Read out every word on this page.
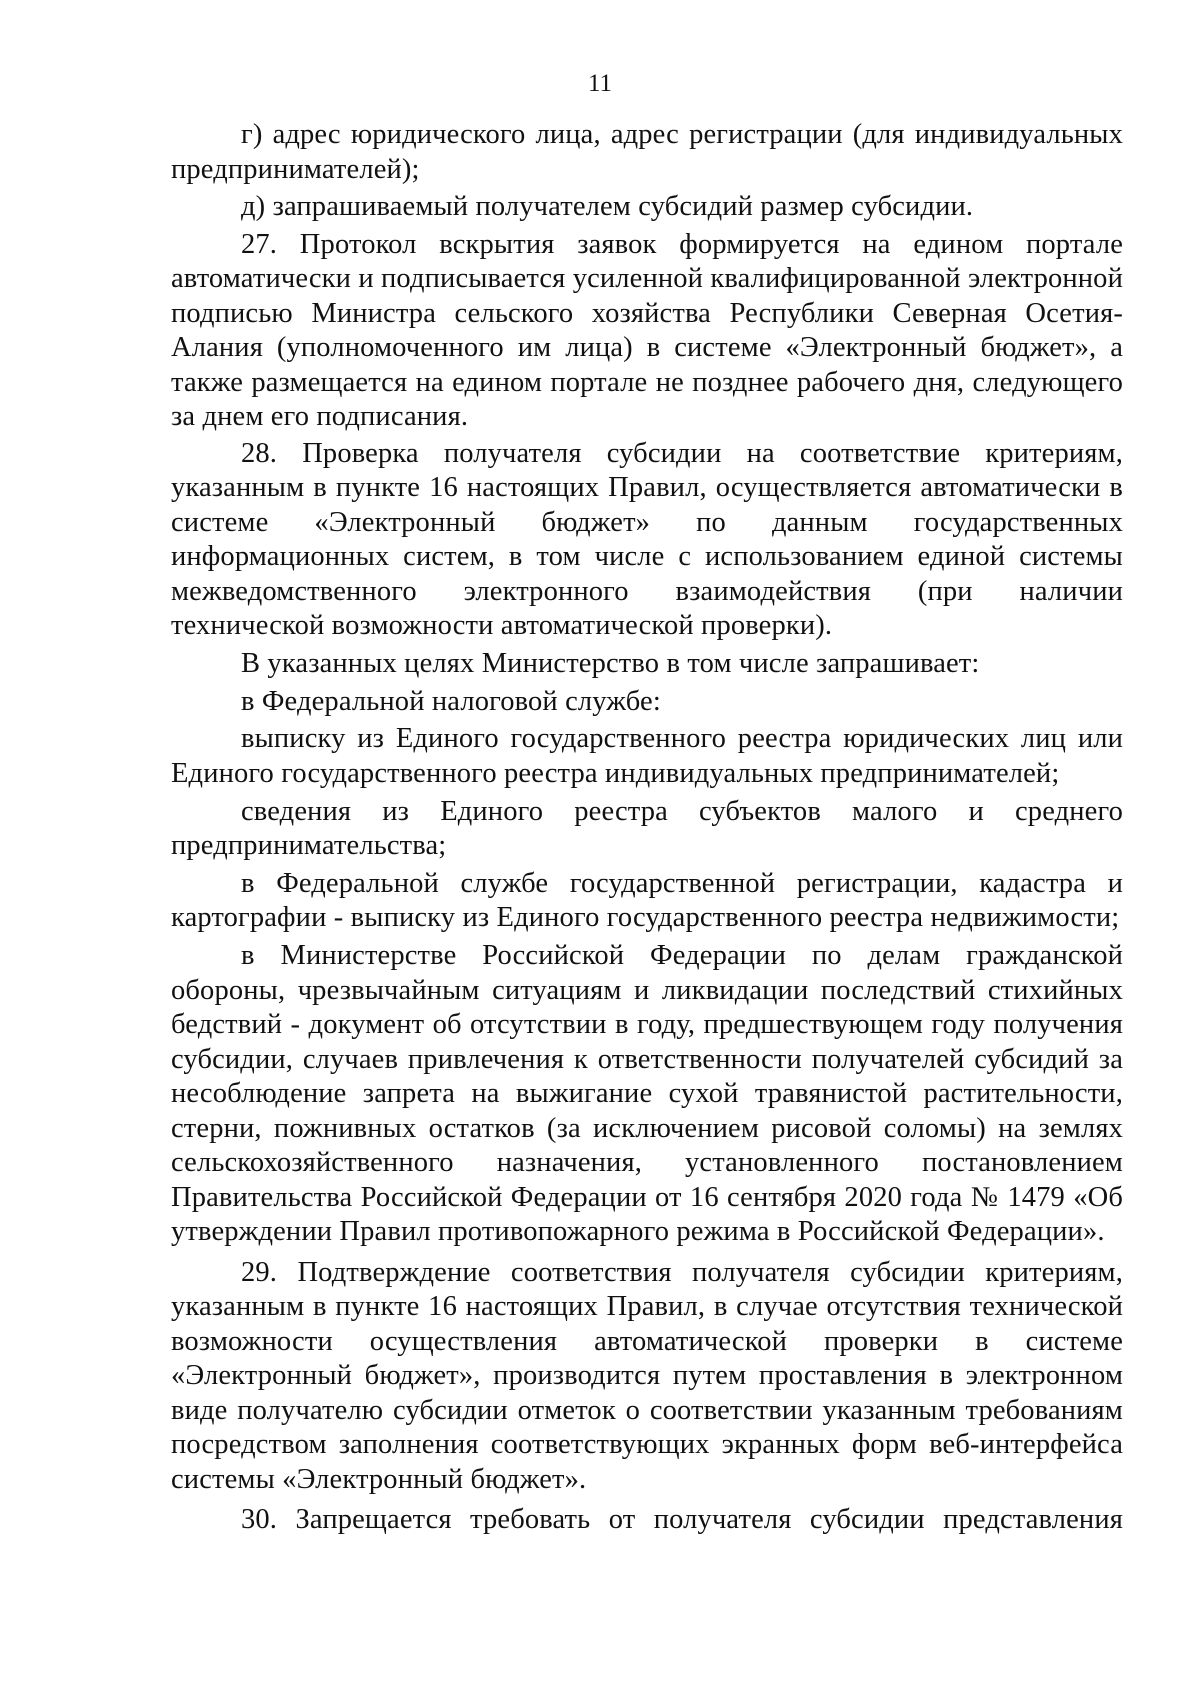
11

г) адрес юридического лица, адрес регистрации (для индивидуальных предпринимателей);

д) запрашиваемый получателем субсидий размер субсидии.

27. Протокол вскрытия заявок формируется на едином портале автоматически и подписывается усиленной квалифицированной электронной подписью Министра сельского хозяйства Республики Северная Осетия-Алания (уполномоченного им лица) в системе «Электронный бюджет», а также размещается на едином портале не позднее рабочего дня, следующего за днем его подписания.

28. Проверка получателя субсидии на соответствие критериям, указанным в пункте 16 настоящих Правил, осуществляется автоматически в системе «Электронный бюджет» по данным государственных информационных систем, в том числе с использованием единой системы межведомственного электронного взаимодействия (при наличии технической возможности автоматической проверки).

В указанных целях Министерство в том числе запрашивает:

в Федеральной налоговой службе:

выписку из Единого государственного реестра юридических лиц или Единого государственного реестра индивидуальных предпринимателей;

сведения из Единого реестра субъектов малого и среднего предпринимательства;

в Федеральной службе государственной регистрации, кадастра и картографии - выписку из Единого государственного реестра недвижимости;

в Министерстве Российской Федерации по делам гражданской обороны, чрезвычайным ситуациям и ликвидации последствий стихийных бедствий - документ об отсутствии в году, предшествующем году получения субсидии, случаев привлечения к ответственности получателей субсидий за несоблюдение запрета на выжигание сухой травянистой растительности, стерни, пожнивных остатков (за исключением рисовой соломы) на землях сельскохозяйственного назначения, установленного постановлением Правительства Российской Федерации от 16 сентября 2020 года № 1479 «Об утверждении Правил противопожарного режима в Российской Федерации».

29. Подтверждение соответствия получателя субсидии критериям, указанным в пункте 16 настоящих Правил, в случае отсутствия технической возможности осуществления автоматической проверки в системе «Электронный бюджет», производится путем проставления в электронном виде получателю субсидии отметок о соответствии указанным требованиям посредством заполнения соответствующих экранных форм веб-интерфейса системы «Электронный бюджет».

30. Запрещается требовать от получателя субсидии представления
